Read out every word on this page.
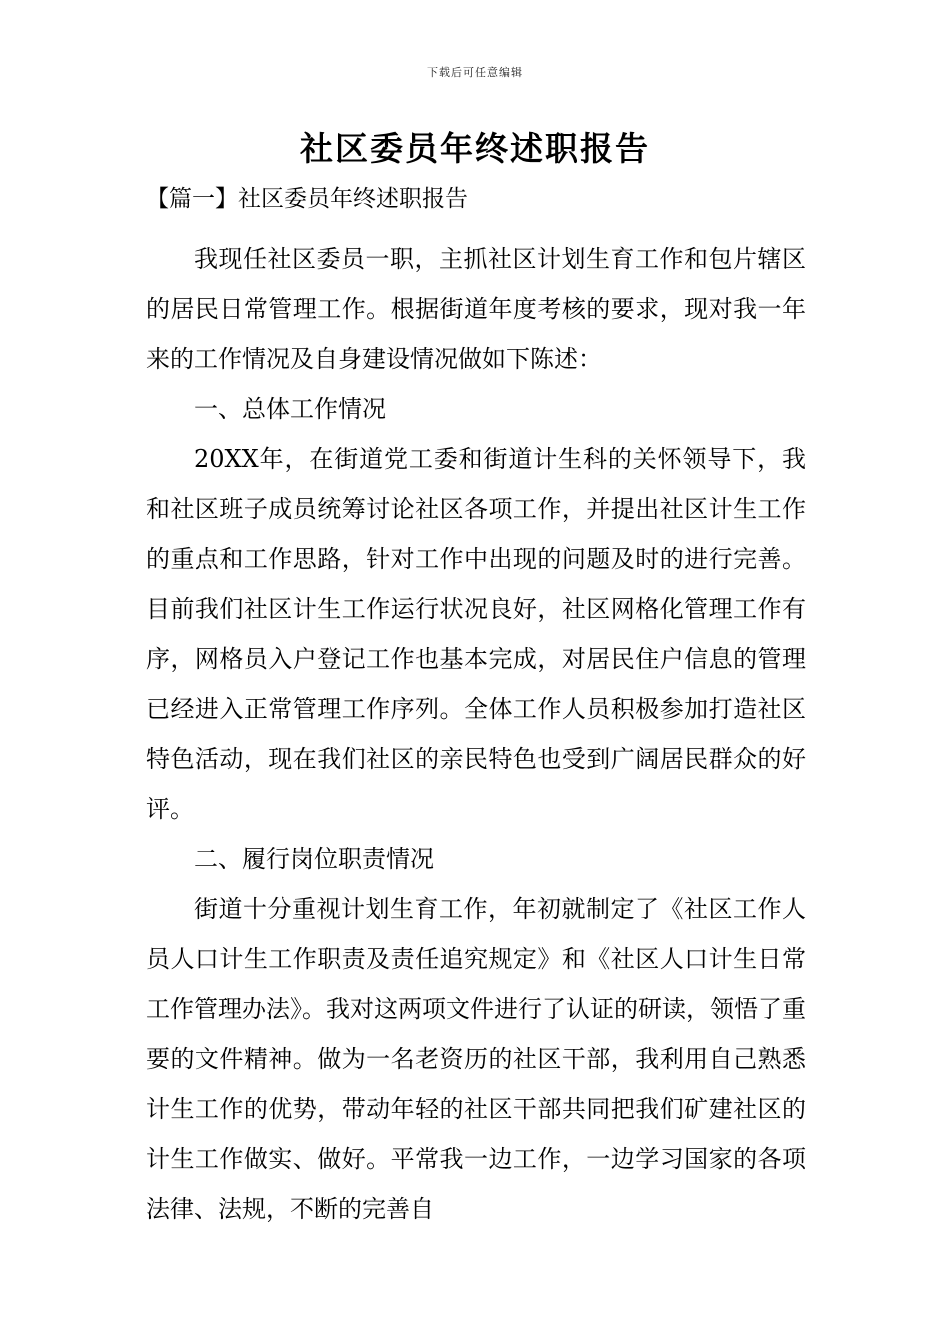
下载后可任意编辑
社区委员年终述职报告
【篇一】社区委员年终述职报告

我现任社区委员一职，主抓社区计划生育工作和包片辖区的居民日常管理工作。根据街道年度考核的要求，现对我一年来的工作情况及自身建设情况做如下陈述：

一、总体工作情况

20XX年，在街道党工委和街道计生科的关怀领导下，我和社区班子成员统筹讨论社区各项工作，并提出社区计生工作的重点和工作思路，针对工作中出现的问题及时的进行完善。目前我们社区计生工作运行状况良好，社区网格化管理工作有序，网格员入户登记工作也基本完成，对居民住户信息的管理已经进入正常管理工作序列。全体工作人员积极参加打造社区特色活动，现在我们社区的亲民特色也受到广阔居民群众的好评。

二、履行岗位职责情况

街道十分重视计划生育工作，年初就制定了《社区工作人员人口计生工作职责及责任追究规定》和《社区人口计生日常工作管理办法》。我对这两项文件进行了认证的研读，领悟了重要的文件精神。做为一名老资历的社区干部，我利用自己熟悉计生工作的优势，带动年轻的社区干部共同把我们矿建社区的计生工作做实、做好。平常我一边工作，一边学习国家的各项法律、法规，不断的完善自
